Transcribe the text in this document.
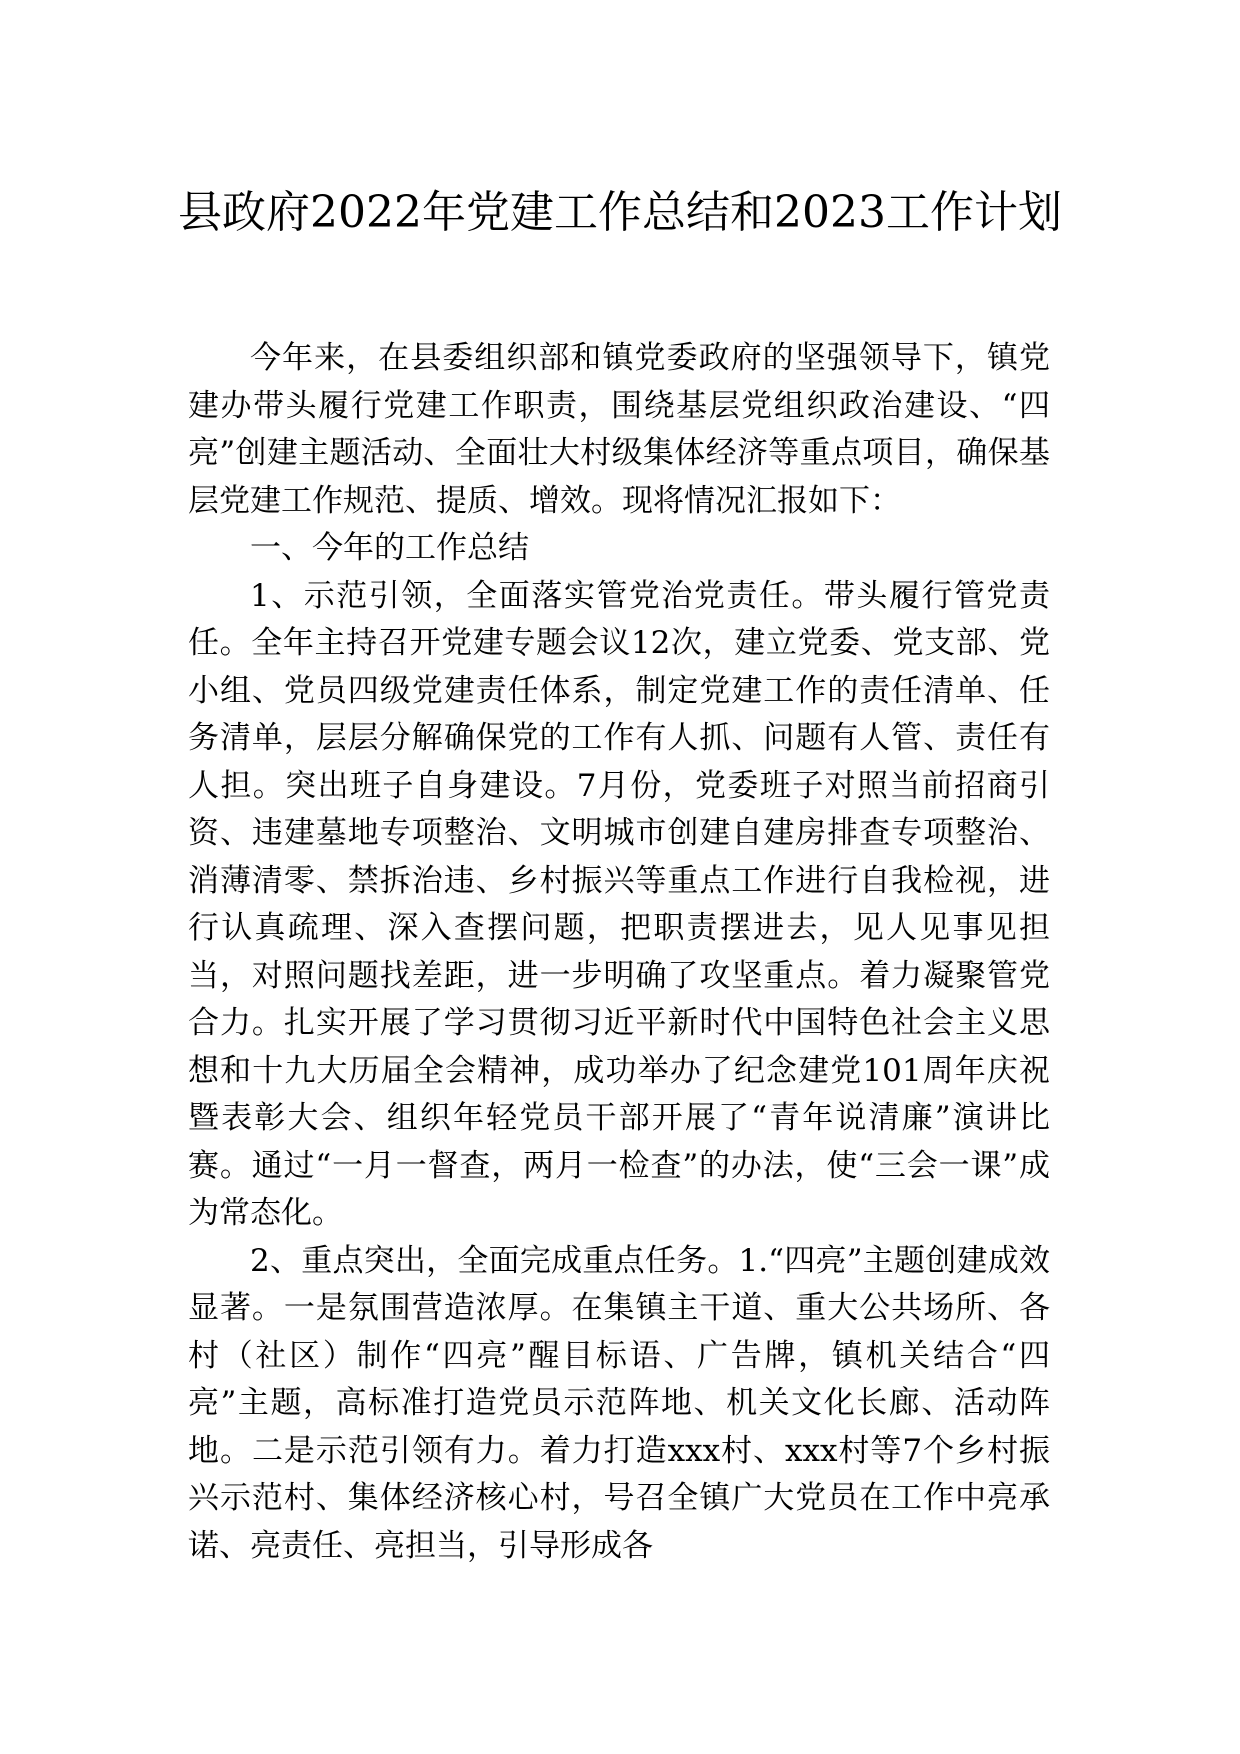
县政府2022年党建工作总结和2023工作计划

今年来，在县委组织部和镇党委政府的坚强领导下，镇党建办带头履行党建工作职责，围绕基层党组织政治建设、“四亮”创建主题活动、全面壮大村级集体经济等重点项目，确保基层党建工作规范、提质、增效。现将情况汇报如下：

一、今年的工作总结

1、示范引领，全面落实管党治党责任。带头履行管党责任。全年主持召开党建专题会议12次，建立党委、党支部、党小组、党员四级党建责任体系，制定党建工作的责任清单、任务清单，层层分解确保党的工作有人抓、问题有人管、责任有人担。突出班子自身建设。7月份，党委班子对照当前招商引资、违建墓地专项整治、文明城市创建自建房排查专项整治、消薄清零、禁拆治违、乡村振兴等重点工作进行自我检视，进行认真疏理、深入查摆问题，把职责摆进去，见人见事见担当，对照问题找差距，进一步明确了攻坚重点。着力凝聚管党合力。扎实开展了学习贯彻习近平新时代中国特色社会主义思想和十九大历届全会精神，成功举办了纪念建党101周年庆祝暨表彰大会、组织年轻党员干部开展了“青年说清廉”演讲比赛。通过“一月一督查，两月一检查”的办法，使“三会一课”成为常态化。

2、重点突出，全面完成重点任务。1.“四亮”主题创建成效显著。一是氛围营造浓厚。在集镇主干道、重大公共场所、各村（社区）制作“四亮”醒目标语、广告牌，镇机关结合“四亮”主题，高标准打造党员示范阵地、机关文化长廊、活动阵地。二是示范引领有力。着力打造xxx村、xxx村等7个乡村振兴示范村、集体经济核心村，号召全镇广大党员在工作中亮承诺、亮责任、亮担当，引导形成各
